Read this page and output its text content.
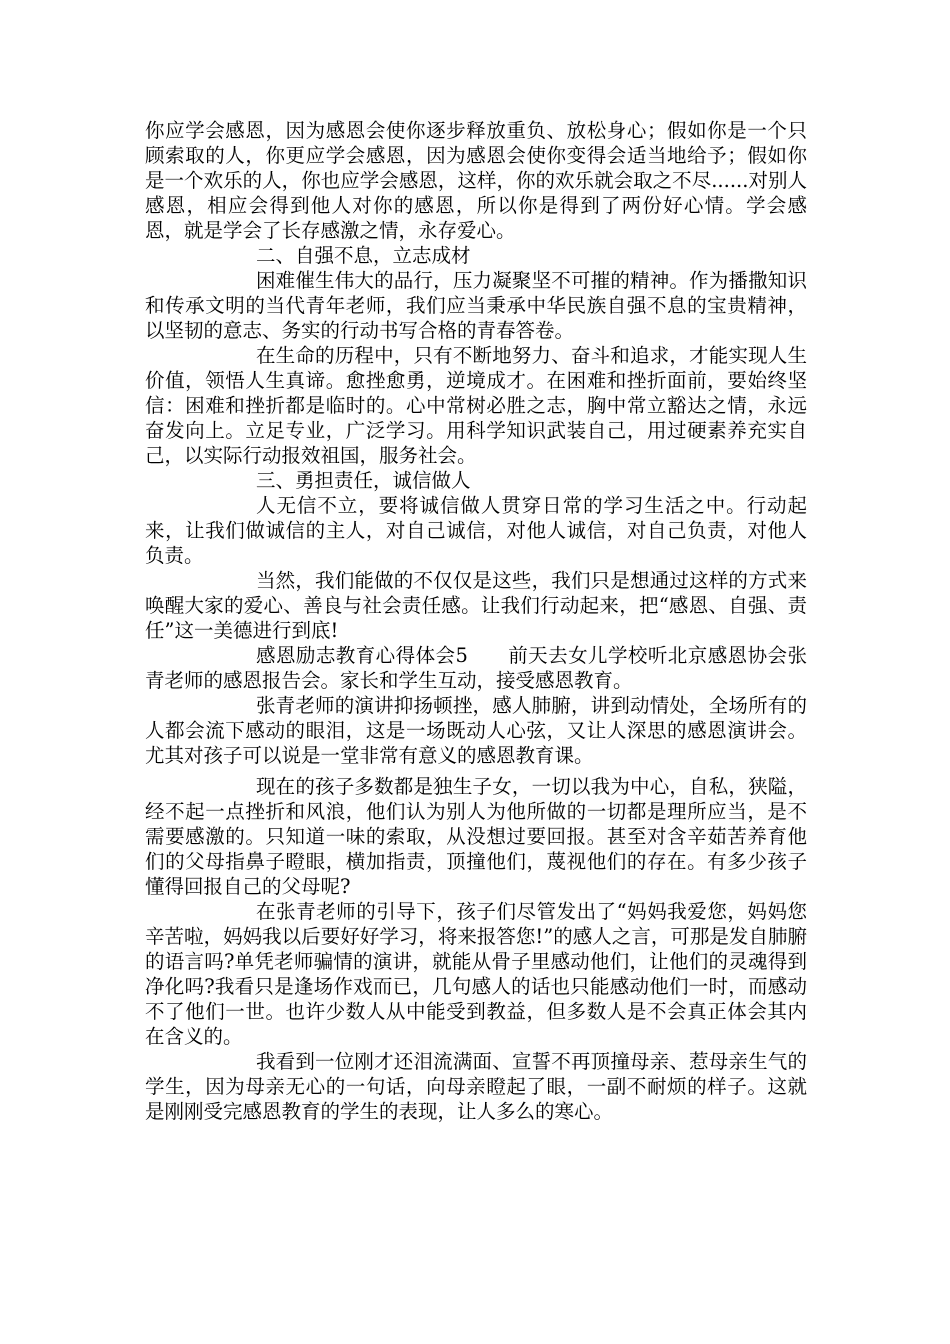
你应学会感恩，因为感恩会使你逐步释放重负、放松身心；假如你是一个只顾索取的人，你更应学会感恩，因为感恩会使你变得会适当地给予；假如你是一个欢乐的人，你也应学会感恩，这样，你的欢乐就会取之不尽......对别人感恩，相应会得到他人对你的感恩，所以你是得到了两份好心情。学会感恩，就是学会了长存感激之情，永存爱心。

二、自强不息，立志成材

困难催生伟大的品行，压力凝聚坚不可摧的精神。作为播撒知识和传承文明的当代青年老师，我们应当秉承中华民族自强不息的宝贵精神，以坚韧的意志、务实的行动书写合格的青春答卷。

在生命的历程中，只有不断地努力、奋斗和追求，才能实现人生价值，领悟人生真谛。愈挫愈勇，逆境成才。在困难和挫折面前，要始终坚信：困难和挫折都是临时的。心中常树必胜之志，胸中常立豁达之情，永远奋发向上。立足专业，广泛学习。用科学知识武装自己，用过硬素养充实自己，以实际行动报效祖国，服务社会。

三、勇担责任，诚信做人

人无信不立，要将诚信做人贯穿日常的学习生活之中。行动起来，让我们做诚信的主人，对自己诚信，对他人诚信，对自己负责，对他人负责。

当然，我们能做的不仅仅是这些，我们只是想通过这样的方式来唤醒大家的爱心、善良与社会责任感。让我们行动起来，把“感恩、自强、责任”这一美德进行到底!

感恩励志教育心得体会5　　前天去女儿学校听北京感恩协会张青老师的感恩报告会。家长和学生互动，接受感恩教育。

张青老师的演讲抑扬顿挫，感人肺腑，讲到动情处，全场所有的人都会流下感动的眼泪，这是一场既动人心弦，又让人深思的感恩演讲会。尤其对孩子可以说是一堂非常有意义的感恩教育课。

现在的孩子多数都是独生子女，一切以我为中心，自私，狭隘，经不起一点挫折和风浪，他们认为别人为他所做的一切都是理所应当，是不需要感激的。只知道一味的索取，从没想过要回报。甚至对含辛茹苦养育他们的父母指鼻子瞪眼，横加指责，顶撞他们，蔑视他们的存在。有多少孩子懂得回报自己的父母呢?

在张青老师的引导下，孩子们尽管发出了“妈妈我爱您，妈妈您辛苦啦，妈妈我以后要好好学习，将来报答您!”的感人之言，可那是发自肺腑的语言吗?单凭老师骗情的演讲，就能从骨子里感动他们，让他们的灵魂得到净化吗?我看只是逢场作戏而已，几句感人的话也只能感动他们一时，而感动不了他们一世。也许少数人从中能受到教益，但多数人是不会真正体会其内在含义的。

我看到一位刚才还泪流满面、宣誓不再顶撞母亲、惹母亲生气的学生，因为母亲无心的一句话，向母亲瞪起了眼，一副不耐烦的样子。这就是刚刚受完感恩教育的学生的表现，让人多么的寒心。
